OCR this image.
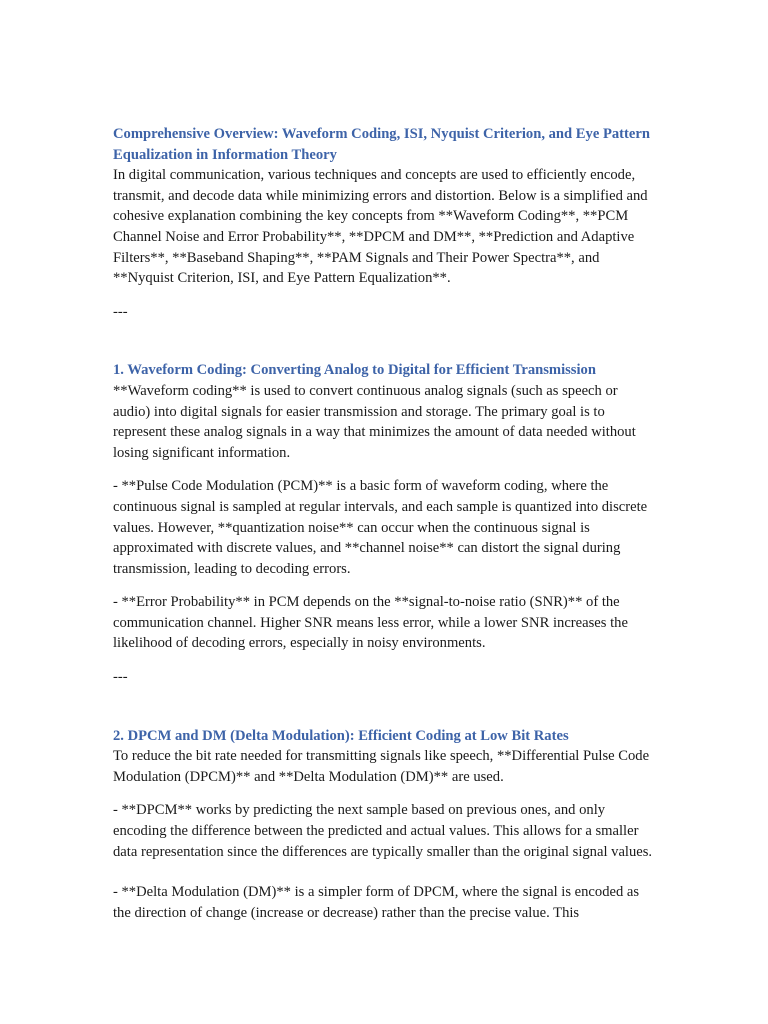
Comprehensive Overview: Waveform Coding, ISI, Nyquist Criterion, and Eye Pattern Equalization in Information Theory

In digital communication, various techniques and concepts are used to efficiently encode, transmit, and decode data while minimizing errors and distortion. Below is a simplified and cohesive explanation combining the key concepts from **Waveform Coding**, **PCM Channel Noise and Error Probability**, **DPCM and DM**, **Prediction and Adaptive Filters**, **Baseband Shaping**, **PAM Signals and Their Power Spectra**, and **Nyquist Criterion, ISI, and Eye Pattern Equalization**.

---

1. Waveform Coding: Converting Analog to Digital for Efficient Transmission

**Waveform coding** is used to convert continuous analog signals (such as speech or audio) into digital signals for easier transmission and storage. The primary goal is to represent these analog signals in a way that minimizes the amount of data needed without losing significant information.

- **Pulse Code Modulation (PCM)** is a basic form of waveform coding, where the continuous signal is sampled at regular intervals, and each sample is quantized into discrete values. However, **quantization noise** can occur when the continuous signal is approximated with discrete values, and **channel noise** can distort the signal during transmission, leading to decoding errors.

- **Error Probability** in PCM depends on the **signal-to-noise ratio (SNR)** of the communication channel. Higher SNR means less error, while a lower SNR increases the likelihood of decoding errors, especially in noisy environments.

---

2. DPCM and DM (Delta Modulation): Efficient Coding at Low Bit Rates

To reduce the bit rate needed for transmitting signals like speech, **Differential Pulse Code Modulation (DPCM)** and **Delta Modulation (DM)** are used.

- **DPCM** works by predicting the next sample based on previous ones, and only encoding the difference between the predicted and actual values. This allows for a smaller data representation since the differences are typically smaller than the original signal values.

- **Delta Modulation (DM)** is a simpler form of DPCM, where the signal is encoded as the direction of change (increase or decrease) rather than the precise value. This
